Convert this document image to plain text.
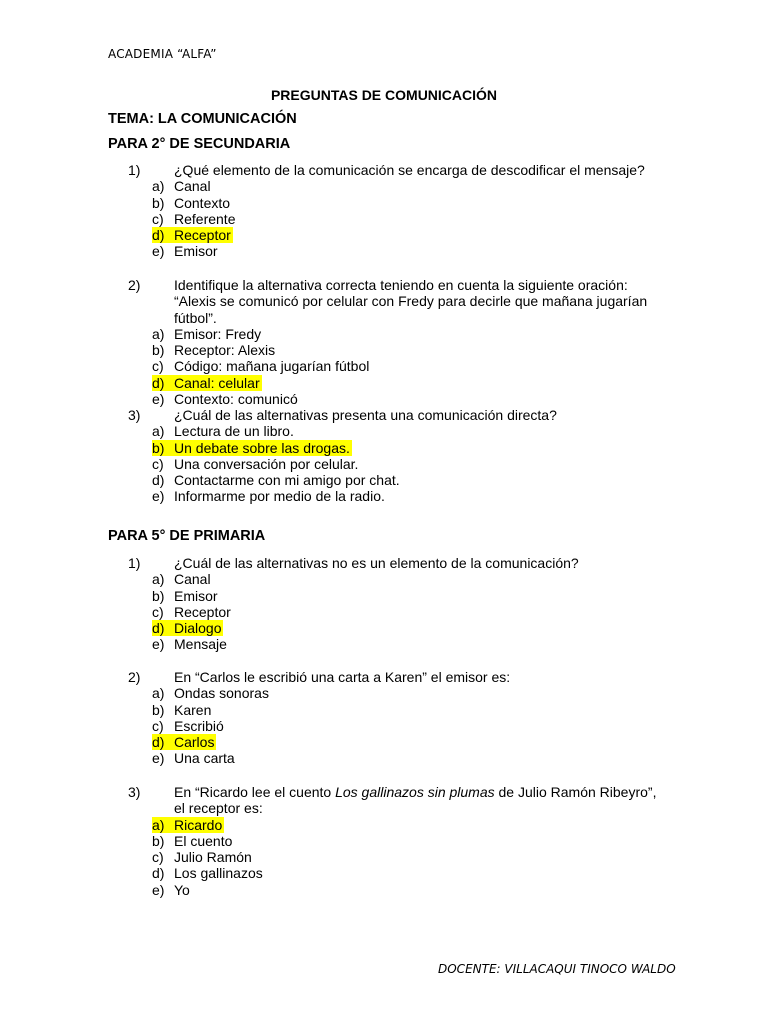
ACADEMIA “ALFA”
PREGUNTAS DE COMUNICACIÓN
TEMA: LA COMUNICACIÓN
PARA 2° DE SECUNDARIA
1)	¿Qué elemento de la comunicación se encarga de descodificar el mensaje?
a) Canal
b) Contexto
c) Referente
d) Receptor
e) Emisor
2)	Identifique la alternativa correcta teniendo en cuenta la siguiente oración: “Alexis se comunicó por celular con Fredy para decirle que mañana jugarían fútbol”.
a) Emisor: Fredy
b) Receptor: Alexis
c) Código: mañana jugarían fútbol
d) Canal: celular
e) Contexto: comunicó
3)	¿Cuál de las alternativas presenta una comunicación directa?
a) Lectura de un libro.
b) Un debate sobre las drogas.
c) Una conversación por celular.
d) Contactarme con mi amigo por chat.
e) Informarme por medio de la radio.
PARA 5° DE PRIMARIA
1)	¿Cuál de las alternativas no es un elemento de la comunicación?
a) Canal
b) Emisor
c) Receptor
d) Dialogo
e) Mensaje
2)	En “Carlos le escribió una carta a Karen” el emisor es:
a) Ondas sonoras
b) Karen
c) Escribió
d) Carlos
e) Una carta
3)	En “Ricardo lee el cuento Los gallinazos sin plumas de Julio Ramón Ribeyro”, el receptor es:
a) Ricardo
b) El cuento
c) Julio Ramón
d) Los gallinazos
e) Yo
DOCENTE: VILLACAQUI TINOCO WALDO
